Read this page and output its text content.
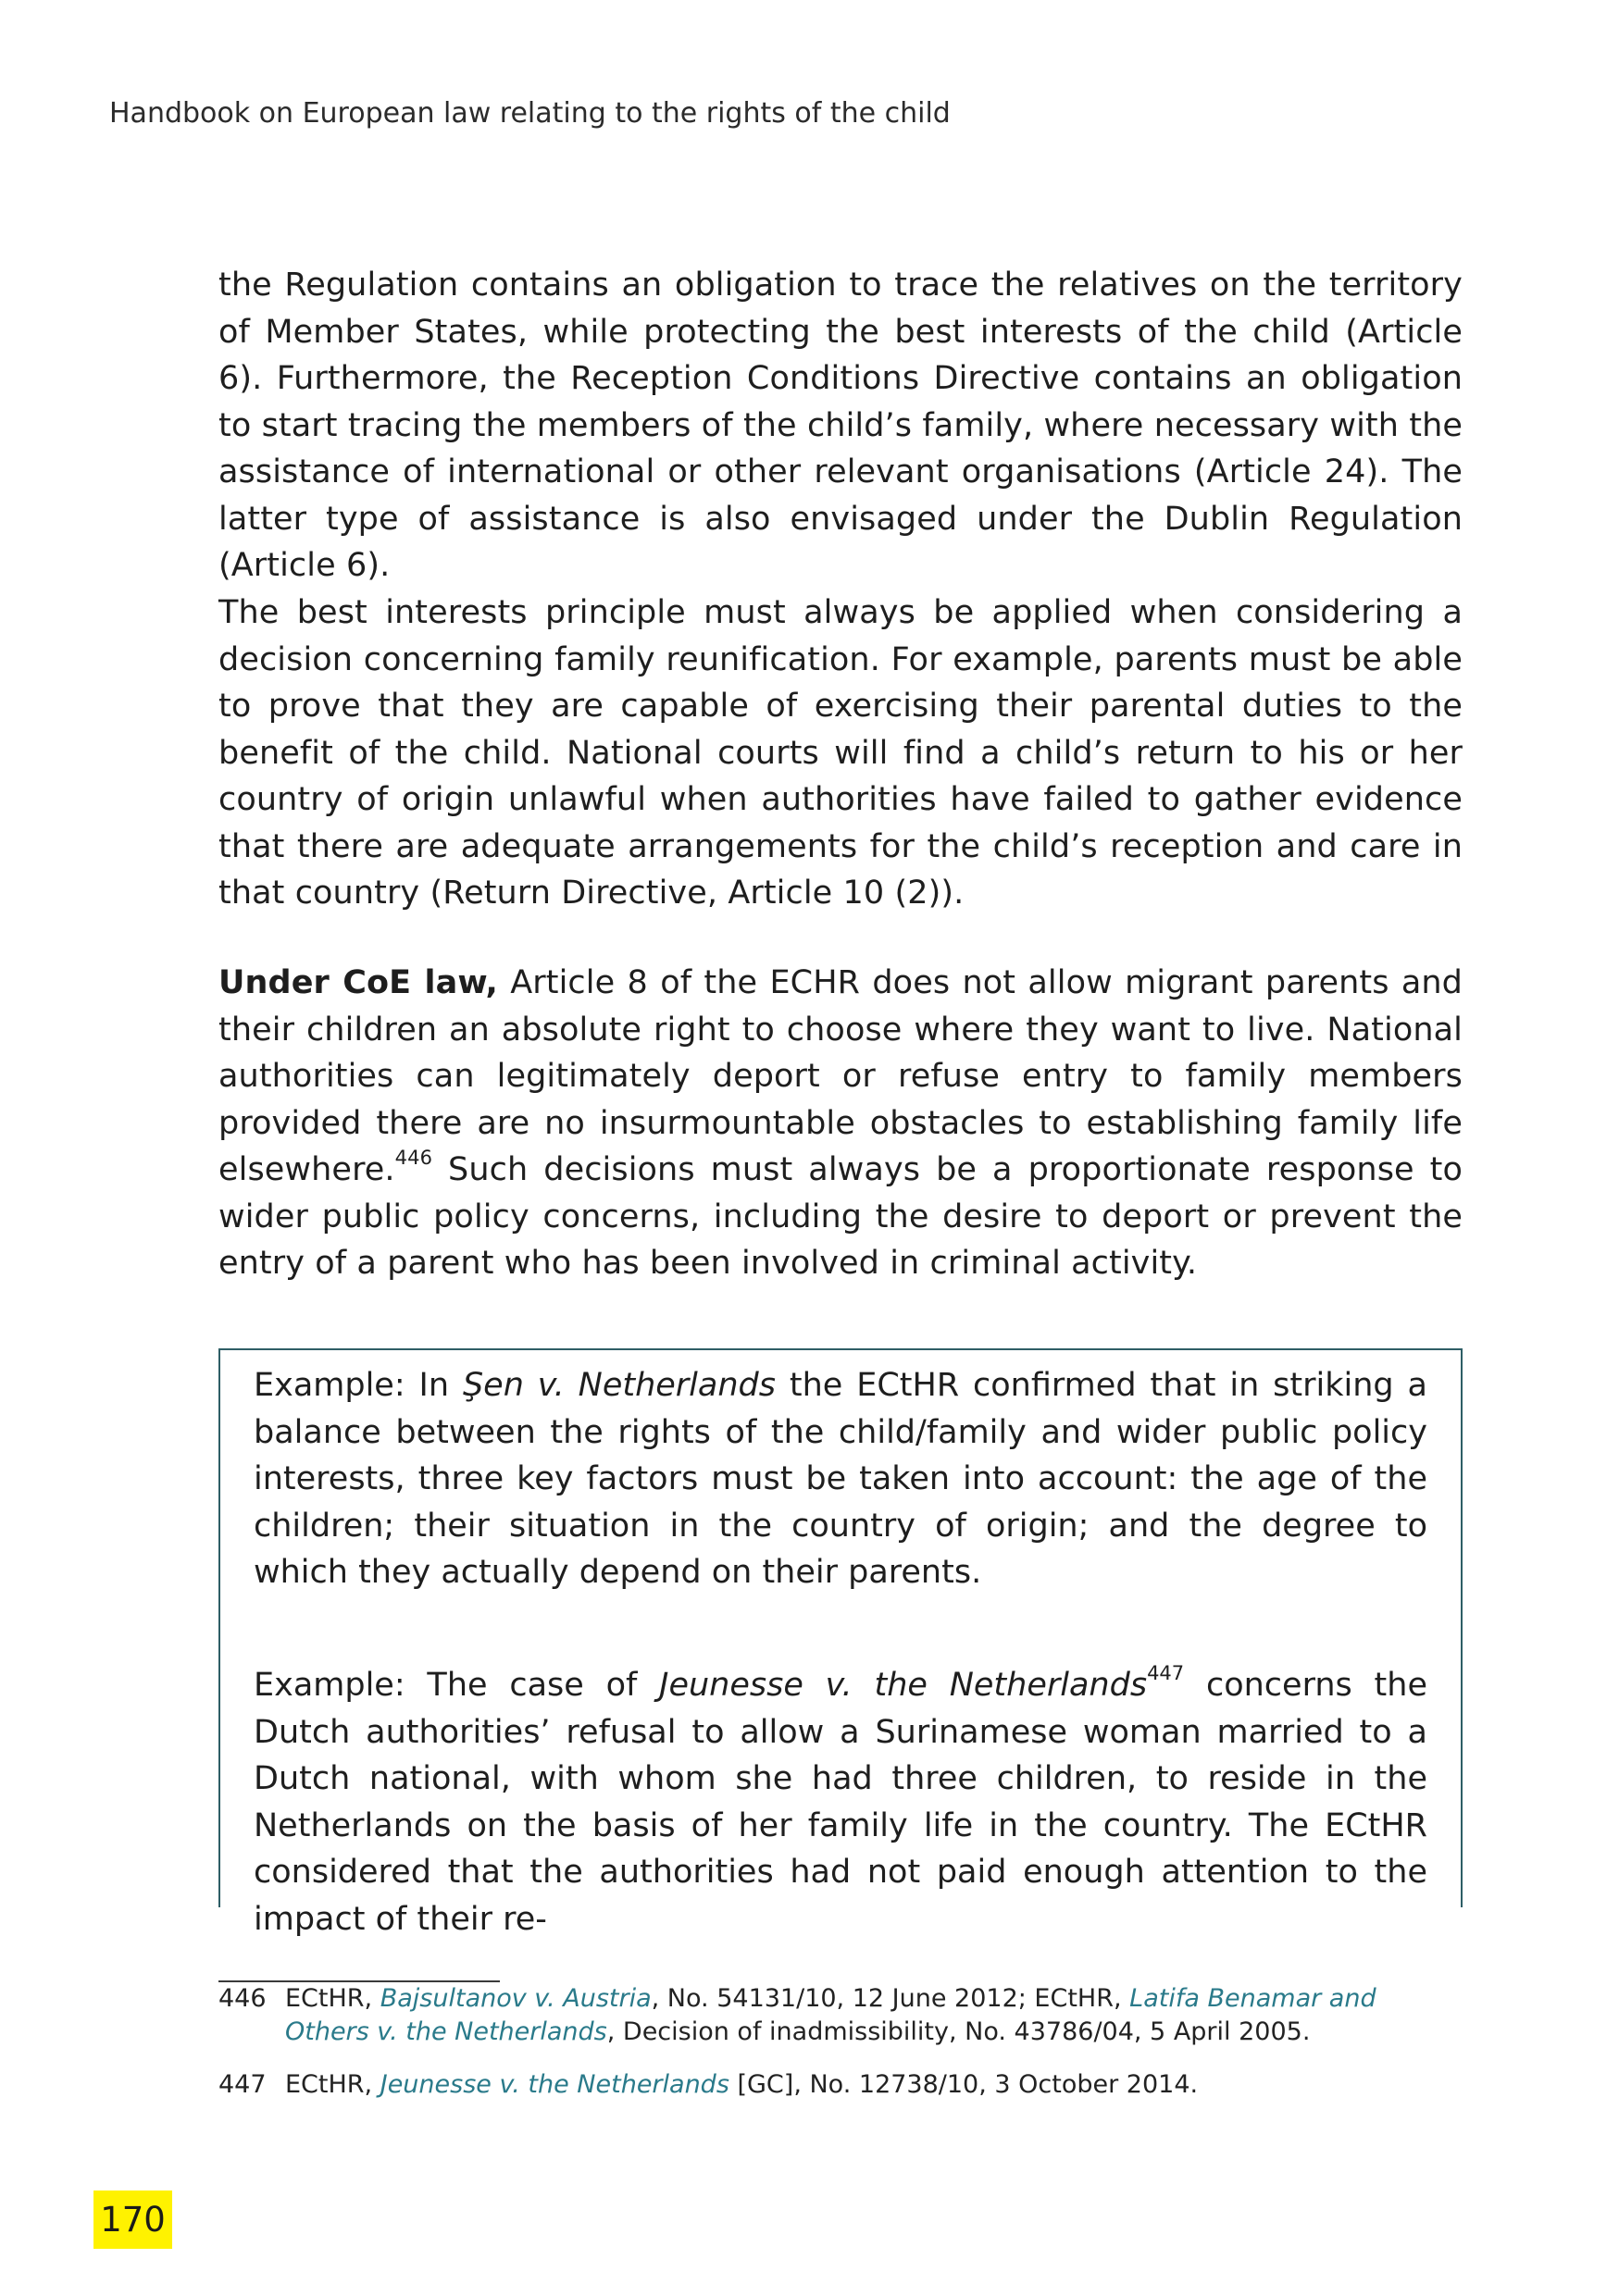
Handbook on European law relating to the rights of the child

the Regulation contains an obligation to trace the relatives on the territory of Member States, while protecting the best interests of the child (Article 6). Furthermore, the Reception Conditions Directive contains an obligation to start tracing the members of the child’s family, where necessary with the assistance of international or other relevant organisations (Article 24). The latter type of assistance is also envisaged under the Dublin Regulation (Article 6).

The best interests principle must always be applied when considering a decision concerning family reunification. For example, parents must be able to prove that they are capable of exercising their parental duties to the benefit of the child. National courts will find a child’s return to his or her country of origin unlawful when authorities have failed to gather evidence that there are adequate arrangements for the child’s reception and care in that country (Return Directive, Article 10 (2)).

Under CoE law, Article 8 of the ECHR does not allow migrant parents and their children an absolute right to choose where they want to live. National authorities can legitimately deport or refuse entry to family members provided there are no insurmountable obstacles to establishing family life elsewhere.$^{446}$ Such decisions must always be a proportionate response to wider public policy concerns, including the desire to deport or prevent the entry of a parent who has been involved in criminal activity.

Example: In Şen v. Netherlands the ECtHR confirmed that in striking a balance between the rights of the child/family and wider public policy interests, three key factors must be taken into account: the age of the children; their situation in the country of origin; and the degree to which they actually depend on their parents.

Example: The case of Jeunesse v. the Netherlands$^{447}$ concerns the Dutch authorities’ refusal to allow a Surinamese woman married to a Dutch national, with whom she had three children, to reside in the Netherlands on the basis of her family life in the country. The ECtHR considered that the authorities had not paid enough attention to the impact of their re-

446 ECtHR, Bajsultanov v. Austria, No. 54131/10, 12 June 2012; ECtHR, Latifa Benamar and Others v. the Netherlands, Decision of inadmissibility, No. 43786/04, 5 April 2005.
447 ECtHR, Jeunesse v. the Netherlands [GC], No. 12738/10, 3 October 2014.
170
